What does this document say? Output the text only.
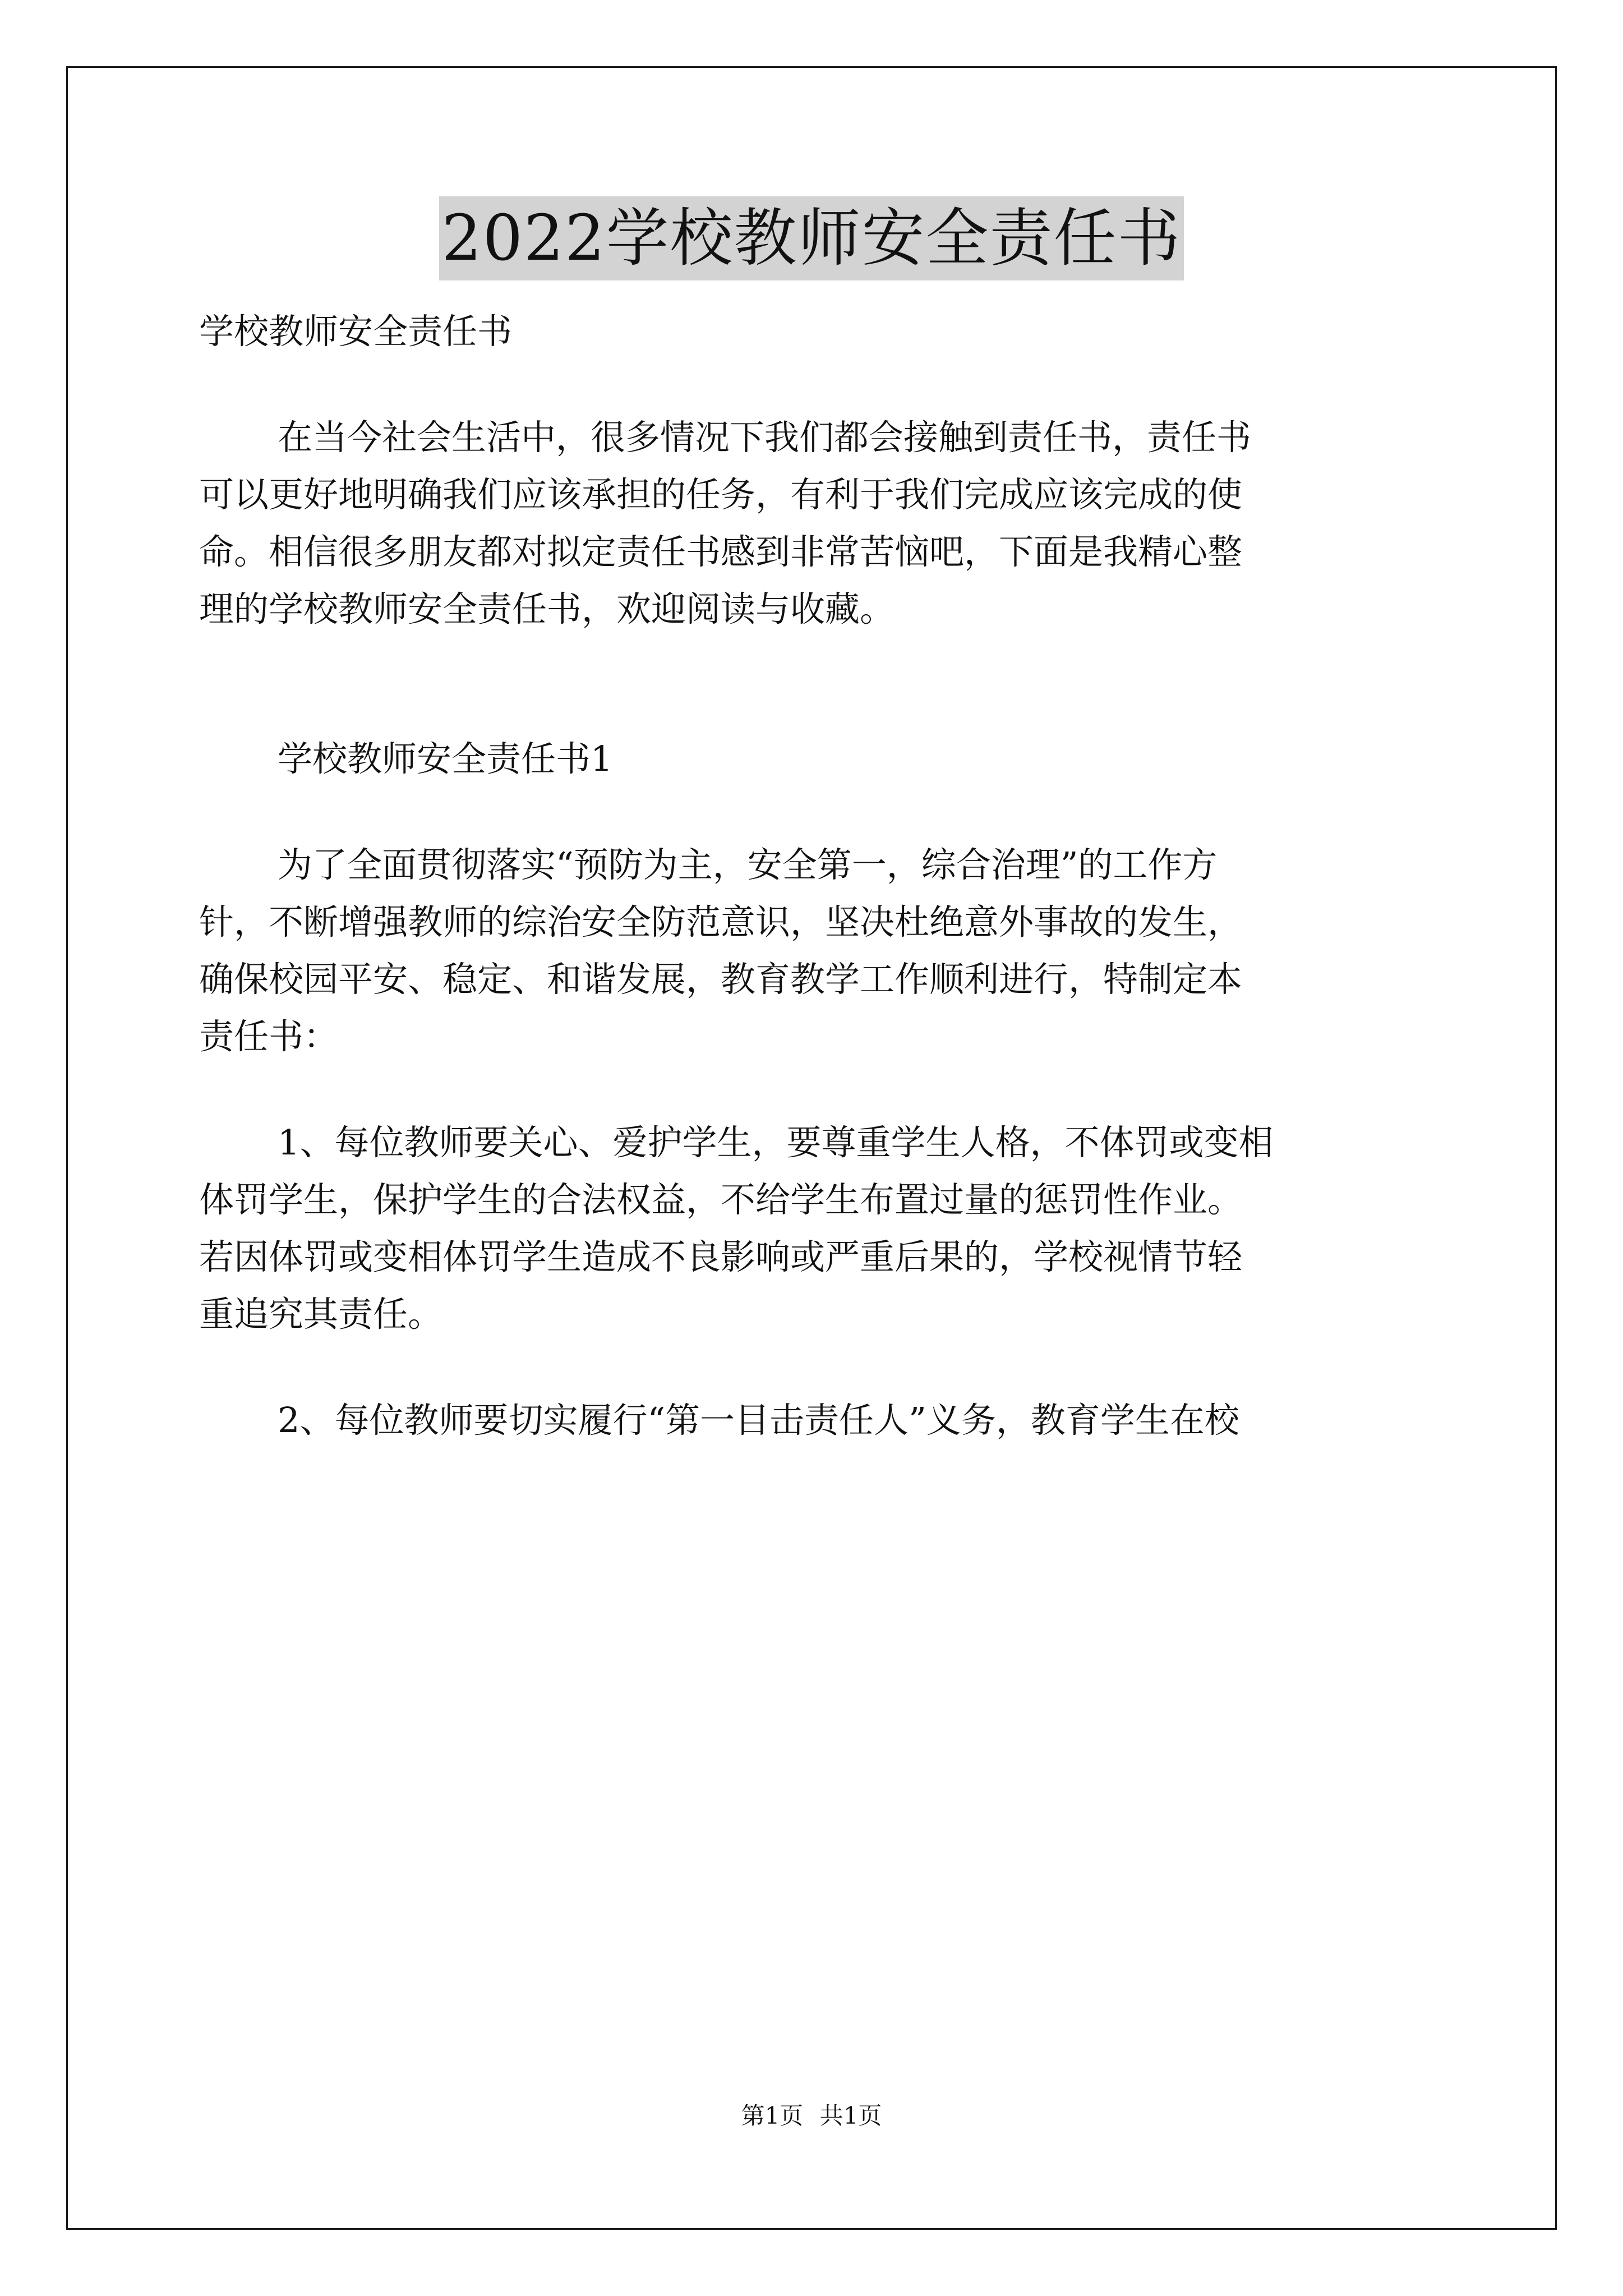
2022学校教师安全责任书

学校教师安全责任书

在当今社会生活中，很多情况下我们都会接触到责任书，责任书

可以更好地明确我们应该承担的任务，有利于我们完成应该完成的使

命。相信很多朋友都对拟定责任书感到非常苦恼吧，下面是我精心整

理的学校教师安全责任书，欢迎阅读与收藏。

学校教师安全责任书1

为了全面贯彻落实“预防为主，安全第一，综合治理”的工作方

针，不断增强教师的综治安全防范意识，坚决杜绝意外事故的发生，

确保校园平安、稳定、和谐发展，教育教学工作顺利进行，特制定本

责任书：

1、每位教师要关心、爱护学生，要尊重学生人格，不体罚或变相

体罚学生，保护学生的合法权益，不给学生布置过量的惩罚性作业。

若因体罚或变相体罚学生造成不良影响或严重后果的，学校视情节轻

重追究其责任。

2、每位教师要切实履行“第一目击责任人”义务，教育学生在校

第1页 共1页
